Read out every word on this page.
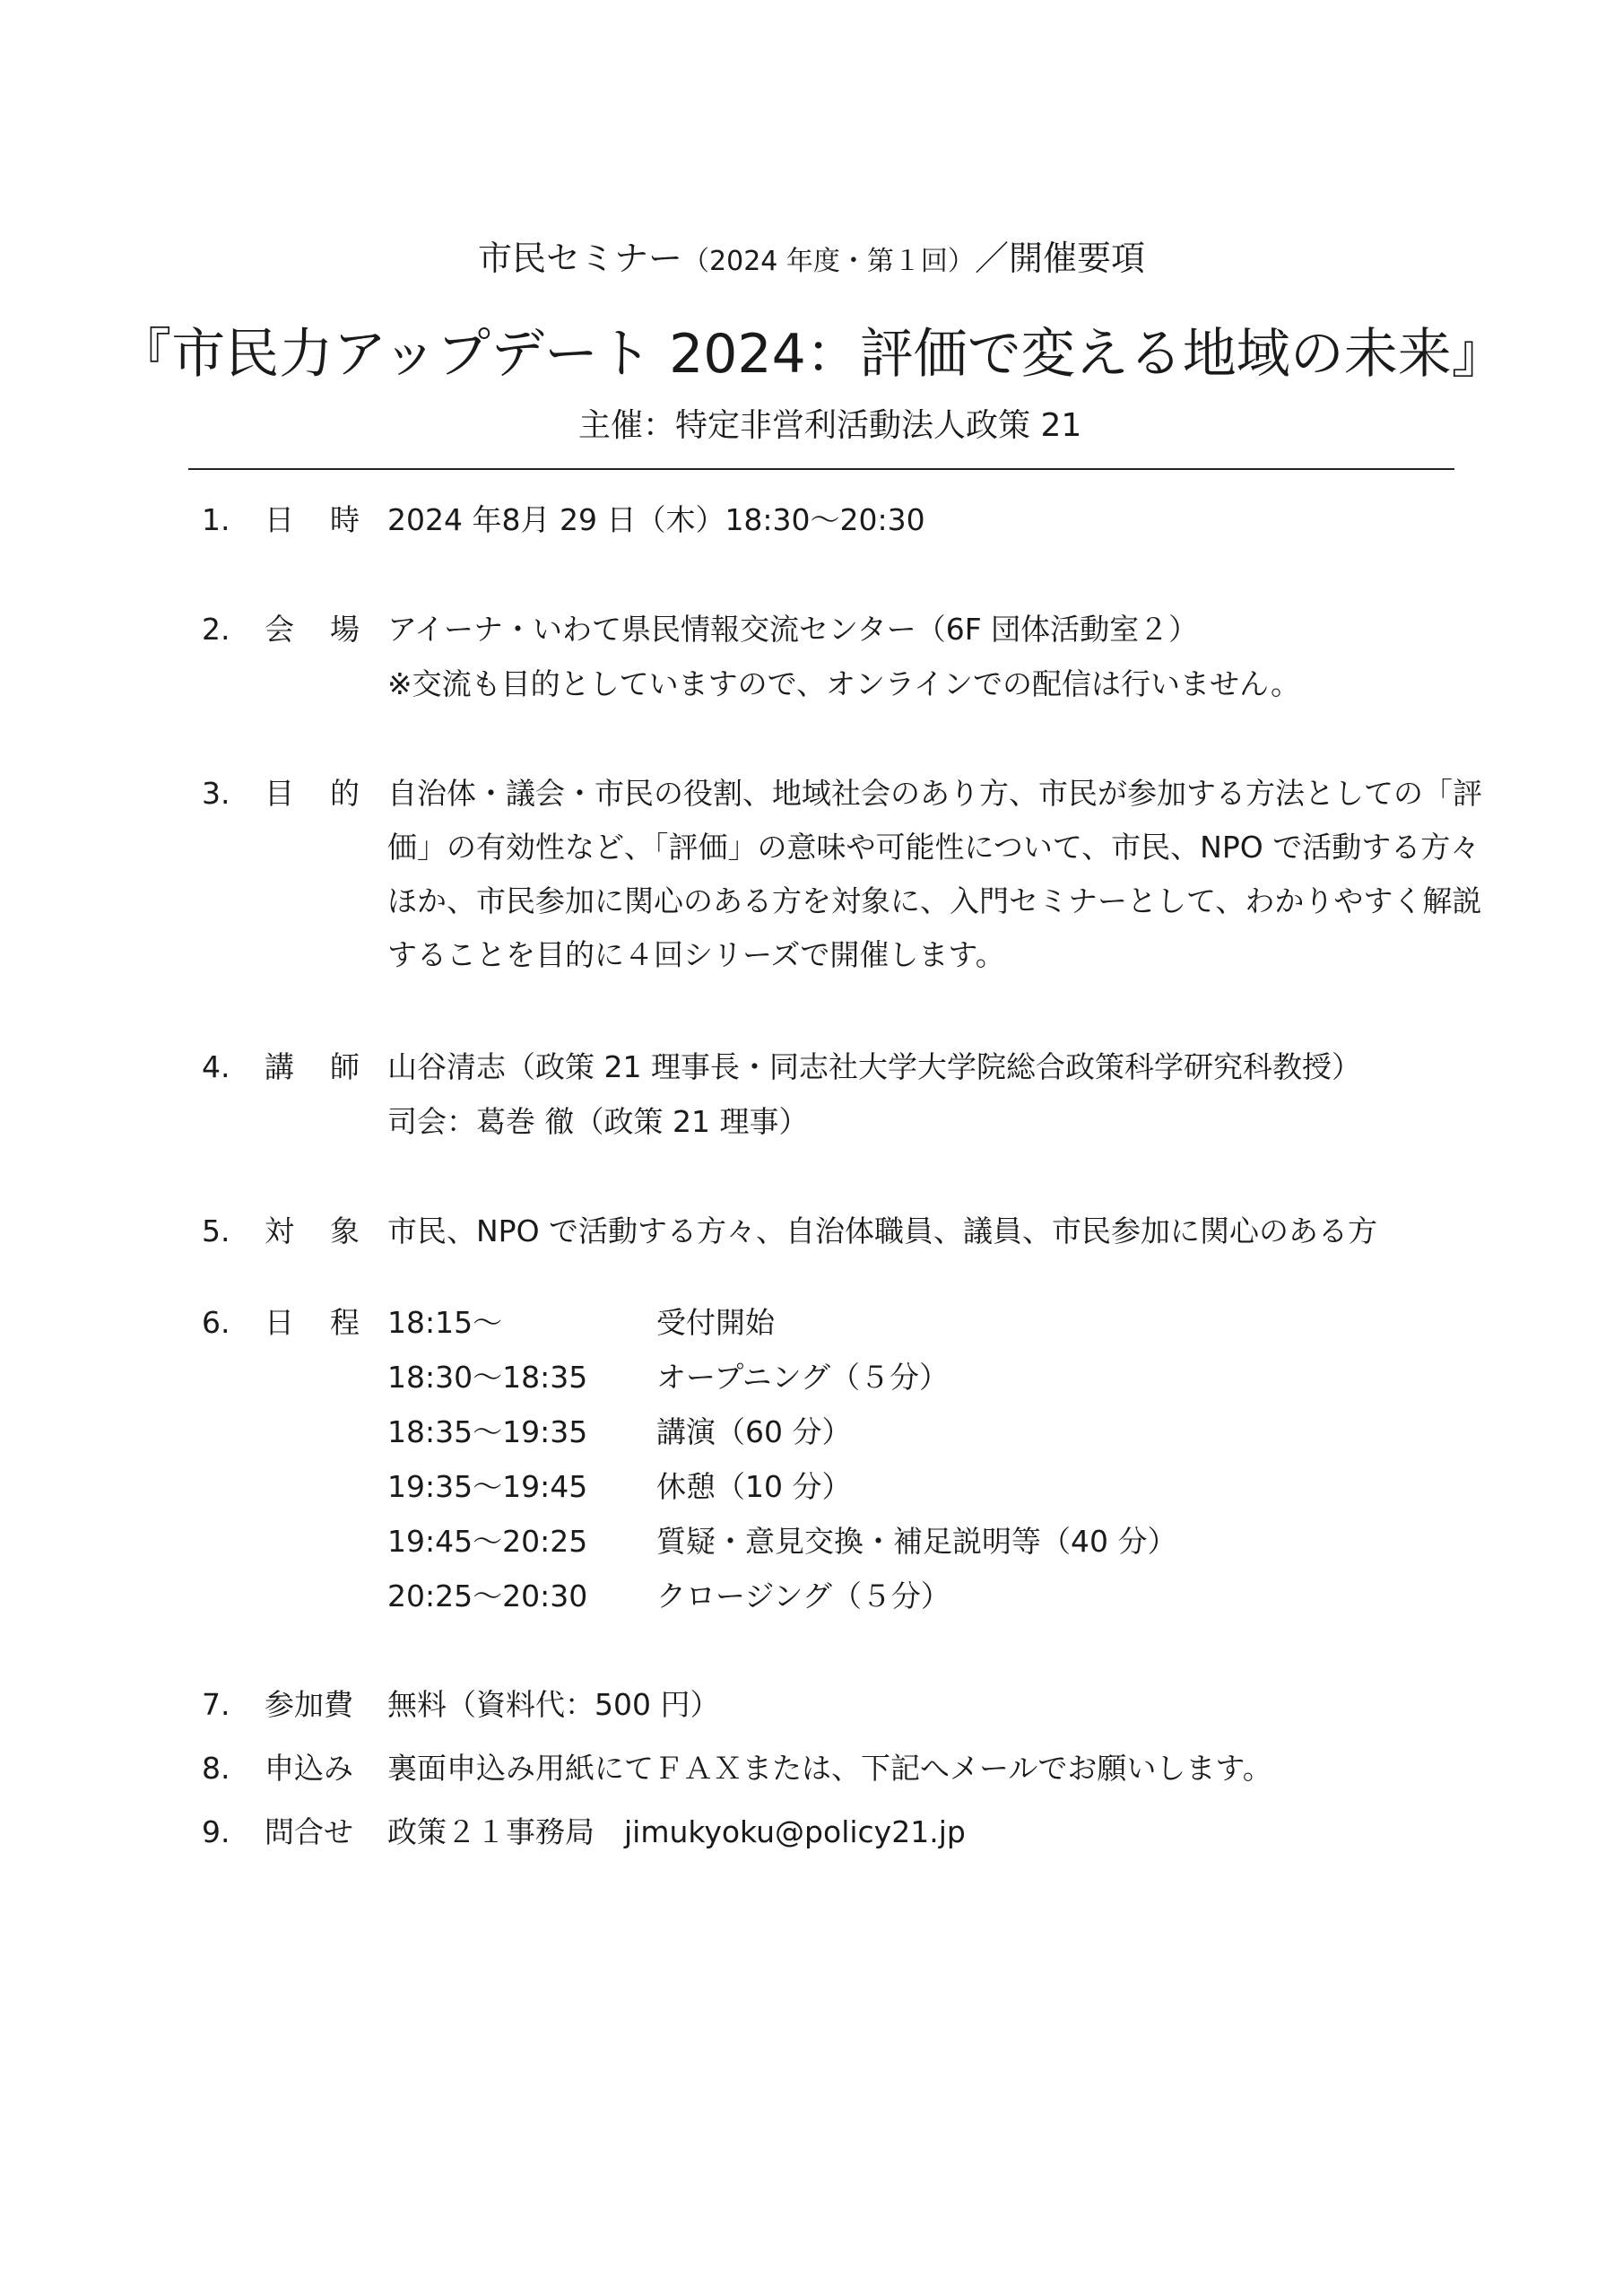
市民セミナー（2024 年度・第１回）／開催要項
『市民力アップデート 2024：評価で変える地域の未来』
主催：特定非営利活動法人政策 21
1. 日時
2024 年8月 29 日（木）18:30～20:30
2. 会場
アイーナ・いわて県民情報交流センター（6F 団体活動室２）
※交流も目的としていますので、オンラインでの配信は行いません。
3. 目的
自治体・議会・市民の役割、地域社会のあり方、市民が参加する方法としての「評
価」の有効性など、「評価」の意味や可能性について、市民、NPO で活動する方々
ほか、市民参加に関心のある方を対象に、入門セミナーとして、わかりやすく解説
することを目的に４回シリーズで開催します。
4. 講師
山谷清志（政策 21 理事長・同志社大学大学院総合政策科学研究科教授）
司会：葛巻 徹（政策 21 理事）
5. 対象
市民、NPO で活動する方々、自治体職員、議員、市民参加に関心のある方
6. 日程
18:15～	受付開始
18:30～18:35 オープニング（５分）
18:35～19:35 講演（60 分）
19:35～19:45 休憩（10 分）
19:45～20:25 質疑・意見交換・補足説明等（40 分）
20:25～20:30 クロージング（５分）
7. 参加費 無料（資料代：500 円）
8. 申込み 裏面申込み用紙にてＦＡＸまたは、下記へメールでお願いします。
9. 問合せ 政策２１事務局　jimukyoku@policy21.jp
